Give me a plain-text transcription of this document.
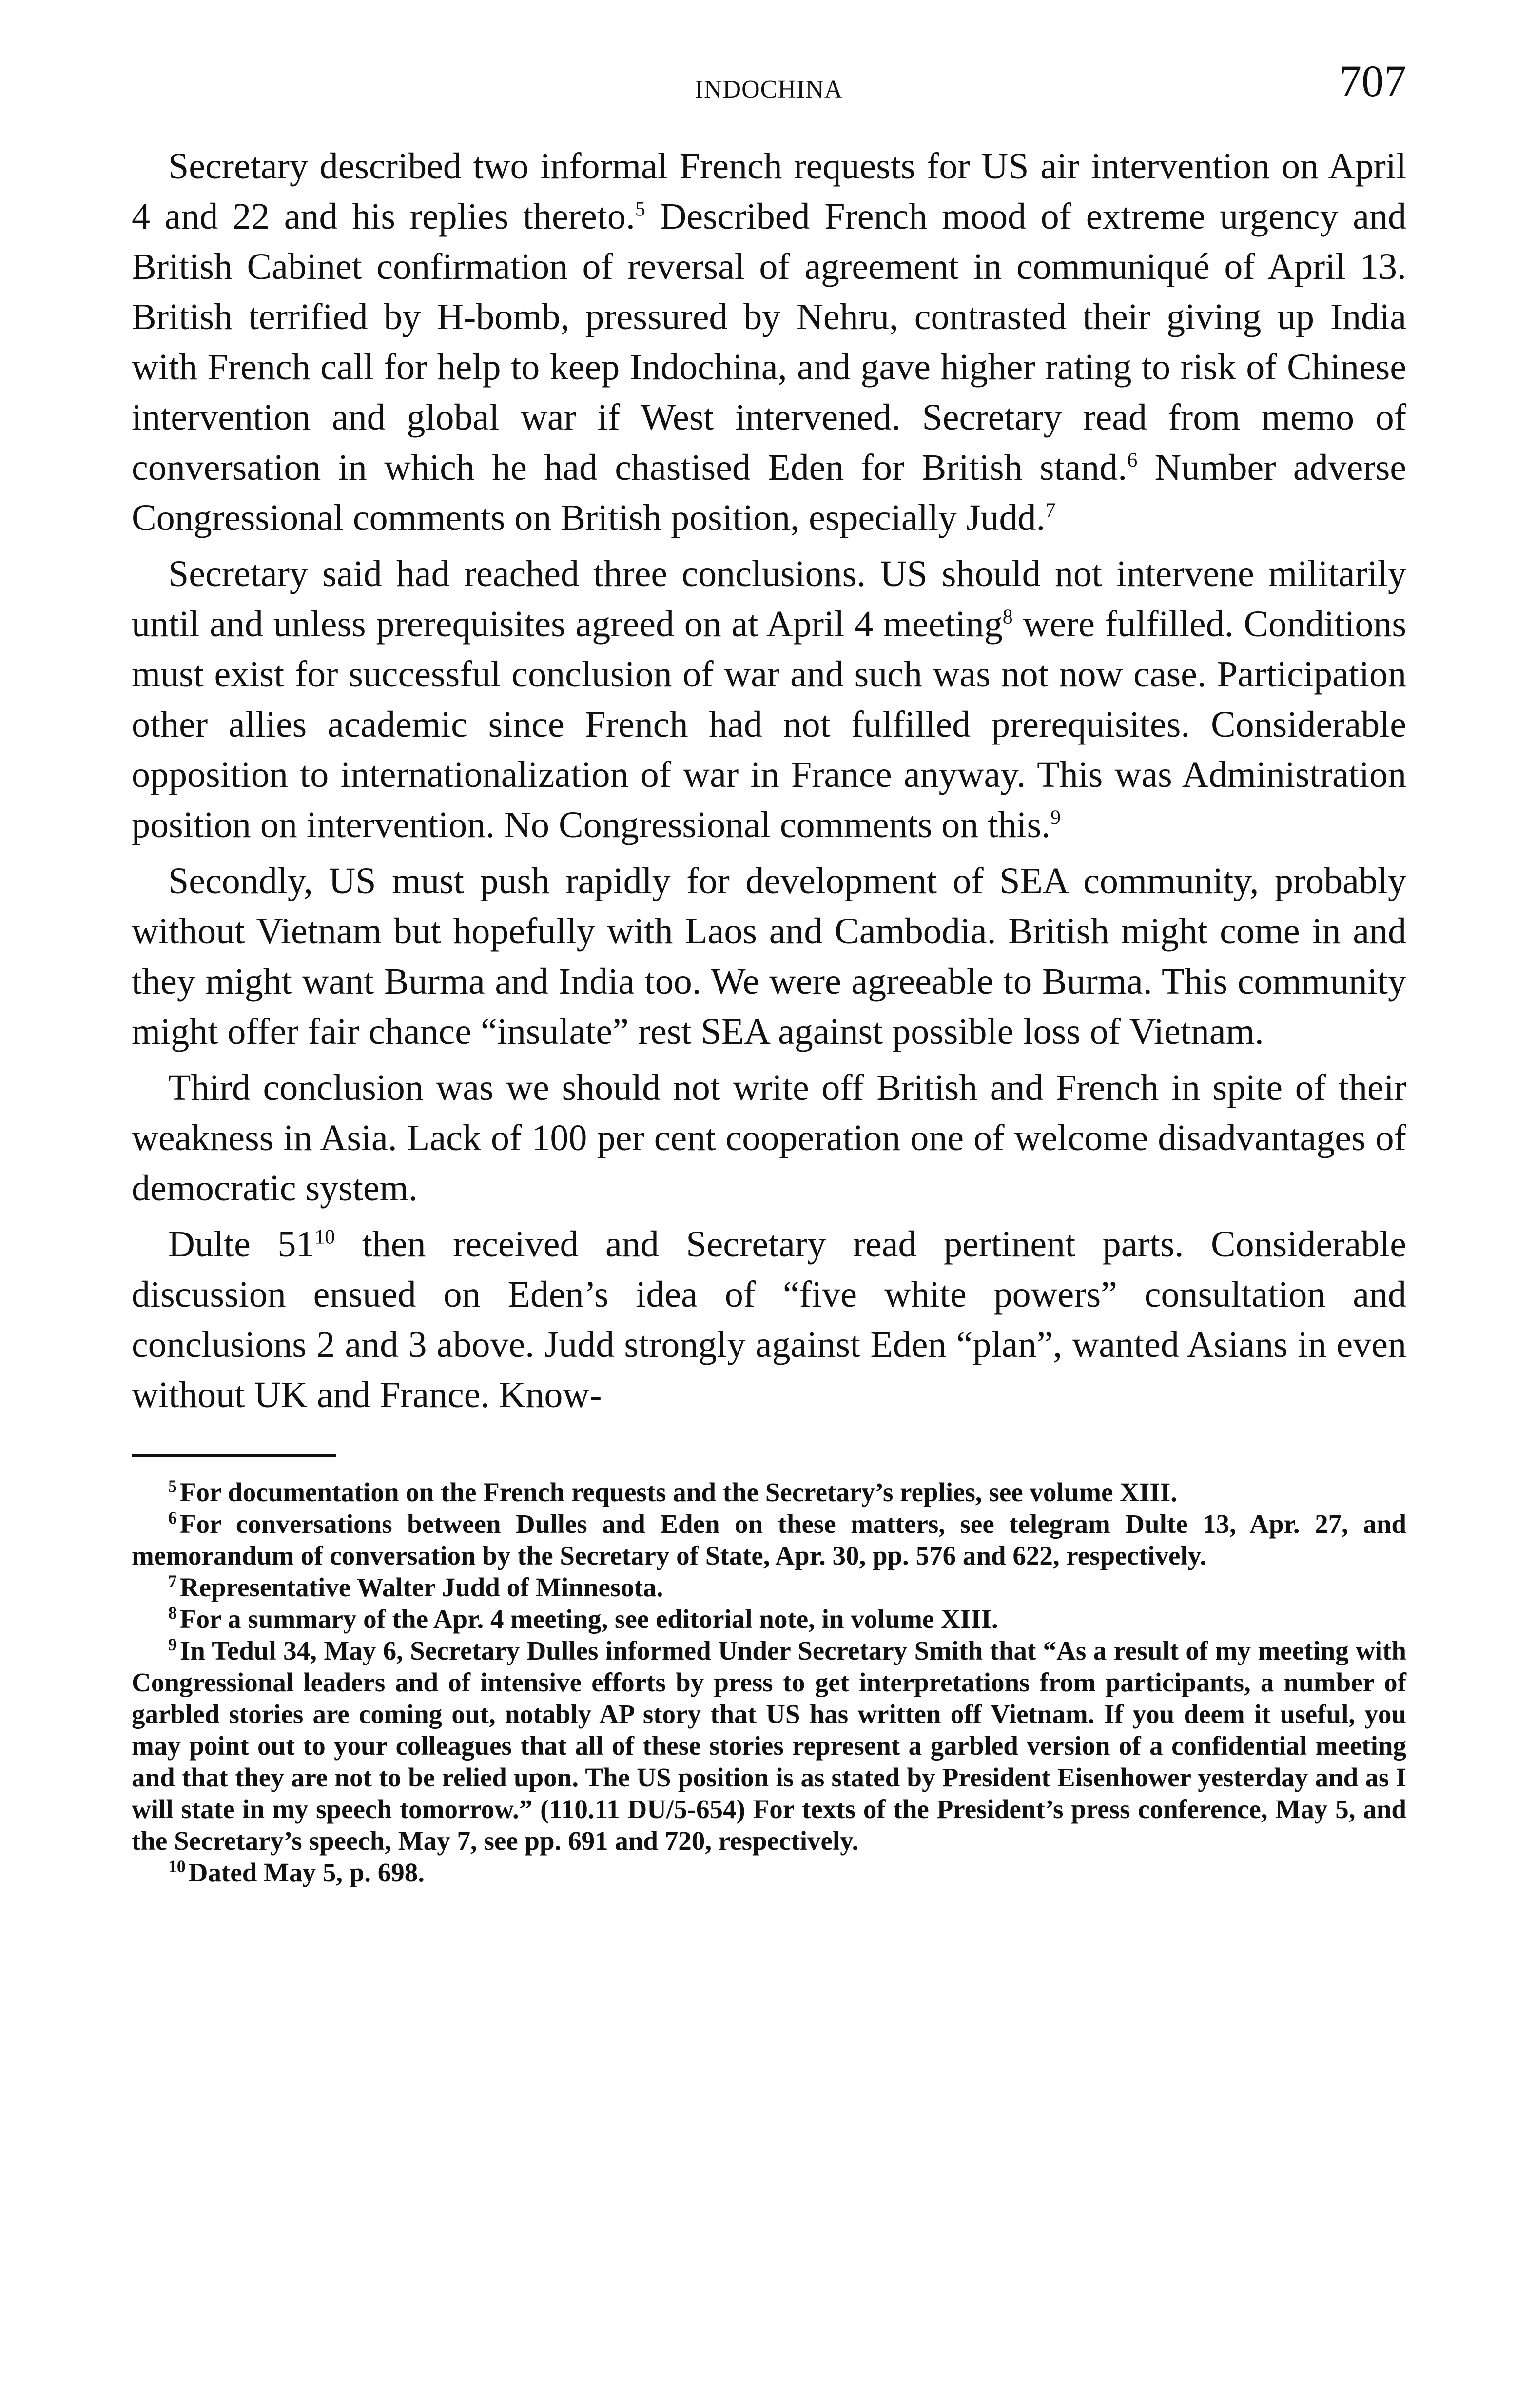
INDOCHINA	707

Secretary described two informal French requests for US air intervention on April 4 and 22 and his replies thereto.$^5$ Described French mood of extreme urgency and British Cabinet confirmation of reversal of agreement in communiqué of April 13. British terrified by H-bomb, pressured by Nehru, contrasted their giving up India with French call for help to keep Indochina, and gave higher rating to risk of Chinese intervention and global war if West intervened. Secretary read from memo of conversation in which he had chastised Eden for British stand.$^6$ Number adverse Congressional comments on British position, especially Judd.$^7$

Secretary said had reached three conclusions. US should not intervene militarily until and unless prerequisites agreed on at April 4 meeting$^8$ were fulfilled. Conditions must exist for successful conclusion of war and such was not now case. Participation other allies academic since French had not fulfilled prerequisites. Considerable opposition to internationalization of war in France anyway. This was Administration position on intervention. No Congressional comments on this.$^9$

Secondly, US must push rapidly for development of SEA community, probably without Vietnam but hopefully with Laos and Cambodia. British might come in and they might want Burma and India too. We were agreeable to Burma. This community might offer fair chance “insulate” rest SEA against possible loss of Vietnam.

Third conclusion was we should not write off British and French in spite of their weakness in Asia. Lack of 100 per cent cooperation one of welcome disadvantages of democratic system.

Dulte $51^{10}$ then received and Secretary read pertinent parts. Considerable discussion ensued on Eden’s idea of “five white powers” consultation and conclusions 2 and 3 above. Judd strongly against Eden “plan”, wanted Asians in even without UK and France. Know-

$^5$ For documentation on the French requests and the Secretary’s replies, see volume XIII.

$^6$ For conversations between Dulles and Eden on these matters, see telegram Dulte 13, Apr. 27, and memorandum of conversation by the Secretary of State, Apr. 30, pp. 576 and 622, respectively.

$^7$ Representative Walter Judd of Minnesota.

$^8$ For a summary of the Apr. 4 meeting, see editorial note, in volume XIII.

$^9$ In Tedul 34, May 6, Secretary Dulles informed Under Secretary Smith that “As a result of my meeting with Congressional leaders and of intensive efforts by press to get interpretations from participants, a number of garbled stories are coming out, notably AP story that US has written off Vietnam. If you deem it useful, you may point out to your colleagues that all of these stories represent a garbled version of a confidential meeting and that they are not to be relied upon. The US position is as stated by President Eisenhower yesterday and as I will state in my speech tomorrow.” (110.11 DU/5-654) For texts of the President’s press conference, May 5, and the Secretary’s speech, May 7, see pp. 691 and 720, respectively.

$^{10}$ Dated May 5, p. 698.
